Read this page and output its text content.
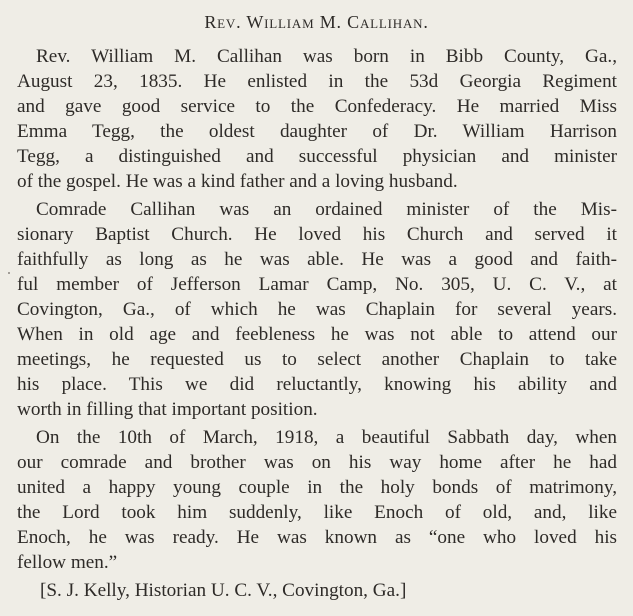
Rev. William M. Callihan.
Rev. William M. Callihan was born in Bibb County, Ga.,
August 23, 1835. He enlisted in the 53d Georgia Regiment
and gave good service to the Confederacy. He married Miss
Emma Tegg, the oldest daughter of Dr. William Harrison
Tegg, a distinguished and successful physician and minister
of the gospel. He was a kind father and a loving husband.
Comrade Callihan was an ordained minister of the Mis-
sionary Baptist Church. He loved his Church and served it
faithfully as long as he was able. He was a good and faith-
ful member of Jefferson Lamar Camp, No. 305, U. C. V., at
Covington, Ga., of which he was Chaplain for several years.
When in old age and feebleness he was not able to attend our
meetings, he requested us to select another Chaplain to take
his place. This we did reluctantly, knowing his ability and
worth in filling that important position.
On the 10th of March, 1918, a beautiful Sabbath day, when
our comrade and brother was on his way home after he had
united a happy young couple in the holy bonds of matrimony,
the Lord took him suddenly, like Enoch of old, and, like
Enoch, he was ready. He was known as “one who loved his
fellow men.”
[S. J. Kelly, Historian U. C. V., Covington, Ga.]
